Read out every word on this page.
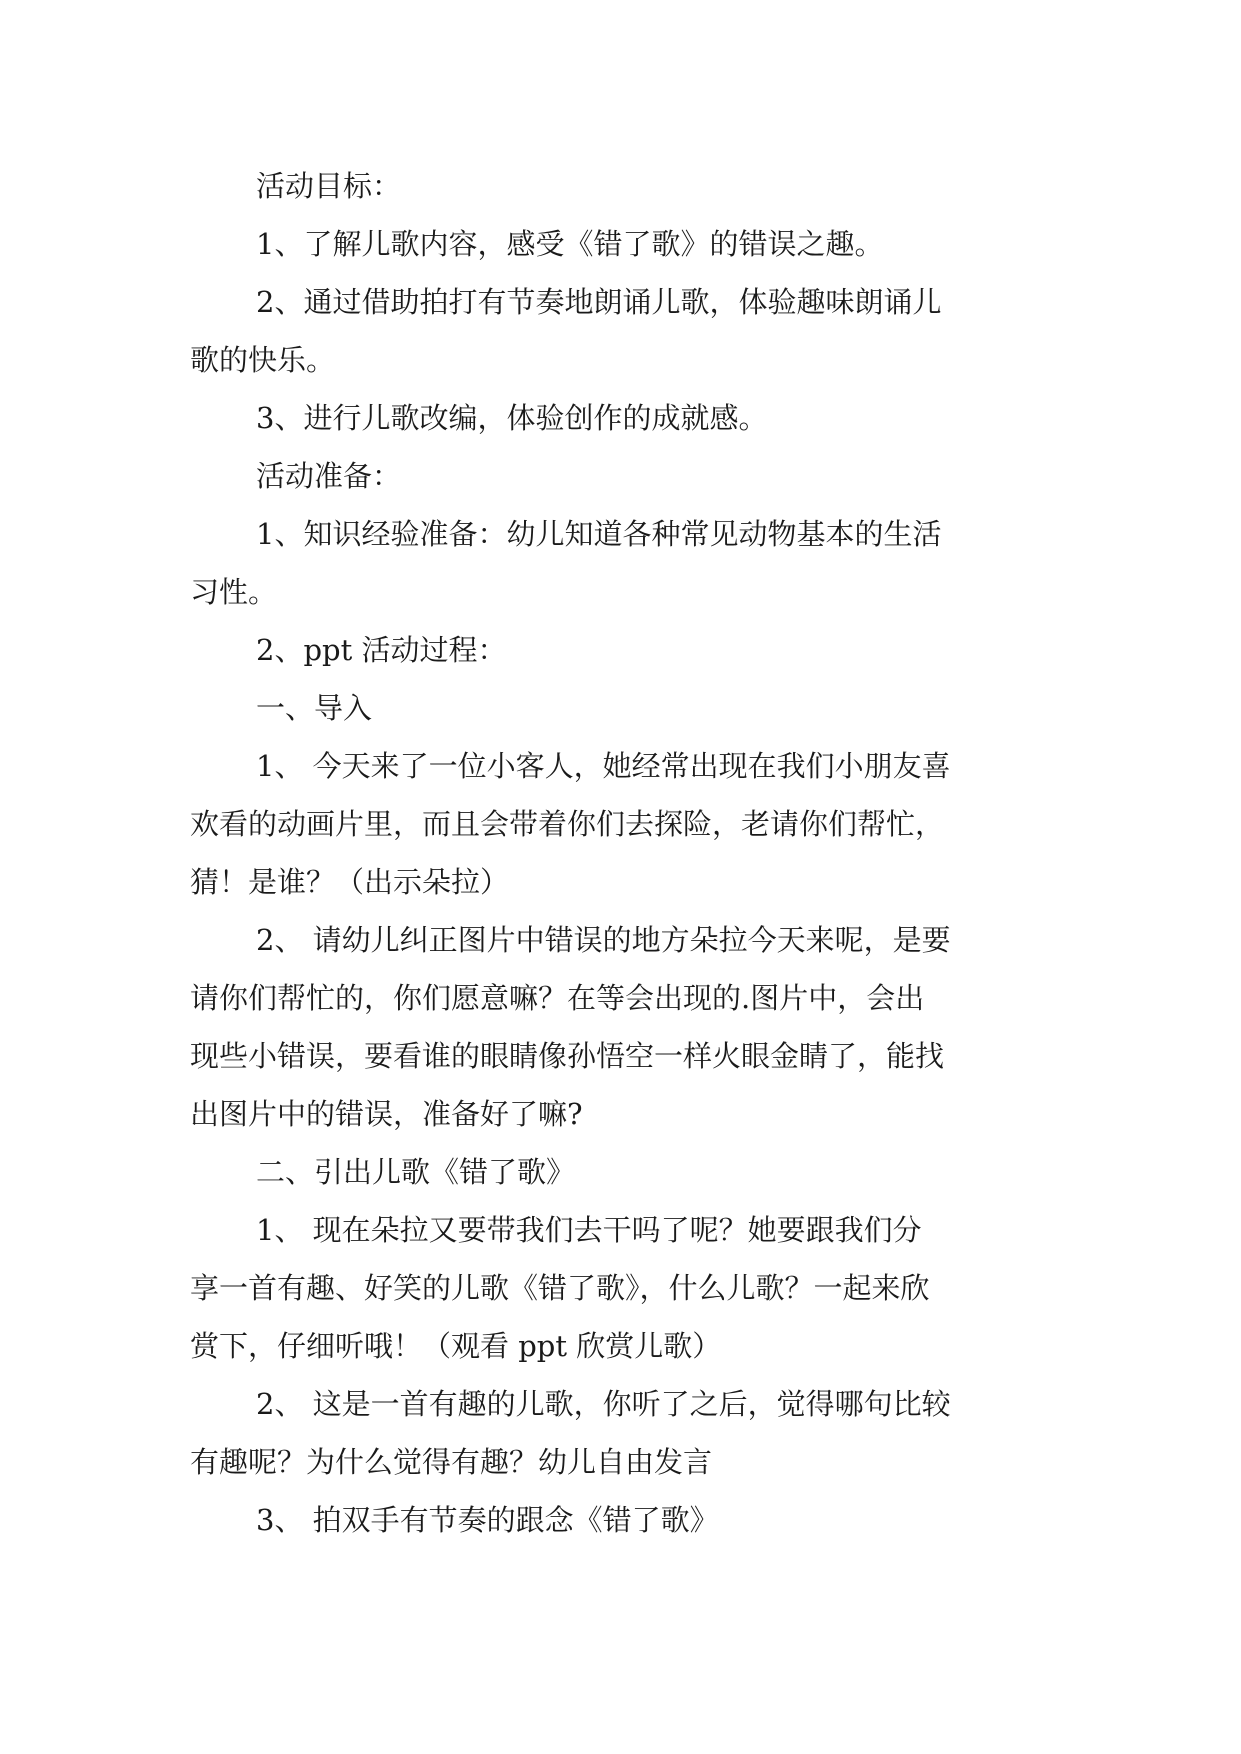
活动目标：

1、了解儿歌内容，感受《错了歌》的错误之趣。

2、通过借助拍打有节奏地朗诵儿歌，体验趣味朗诵儿

歌的快乐。

3、进行儿歌改编，体验创作的成就感。

活动准备：

1、知识经验准备：幼儿知道各种常见动物基本的生活

习性。

2、ppt 活动过程：

一、导入

1、 今天来了一位小客人，她经常出现在我们小朋友喜

欢看的动画片里，而且会带着你们去探险，老请你们帮忙，

猜！是谁？（出示朵拉）

2、 请幼儿纠正图片中错误的地方朵拉今天来呢，是要

请你们帮忙的，你们愿意嘛？在等会出现的.图片中，会出

现些小错误，要看谁的眼睛像孙悟空一样火眼金睛了，能找

出图片中的错误，准备好了嘛?

二、引出儿歌《错了歌》

1、 现在朵拉又要带我们去干吗了呢？她要跟我们分

享一首有趣、好笑的儿歌《错了歌》，什么儿歌？一起来欣

赏下，仔细听哦！（观看 ppt 欣赏儿歌）

2、 这是一首有趣的儿歌，你听了之后，觉得哪句比较

有趣呢？为什么觉得有趣？幼儿自由发言

3、 拍双手有节奏的跟念《错了歌》
